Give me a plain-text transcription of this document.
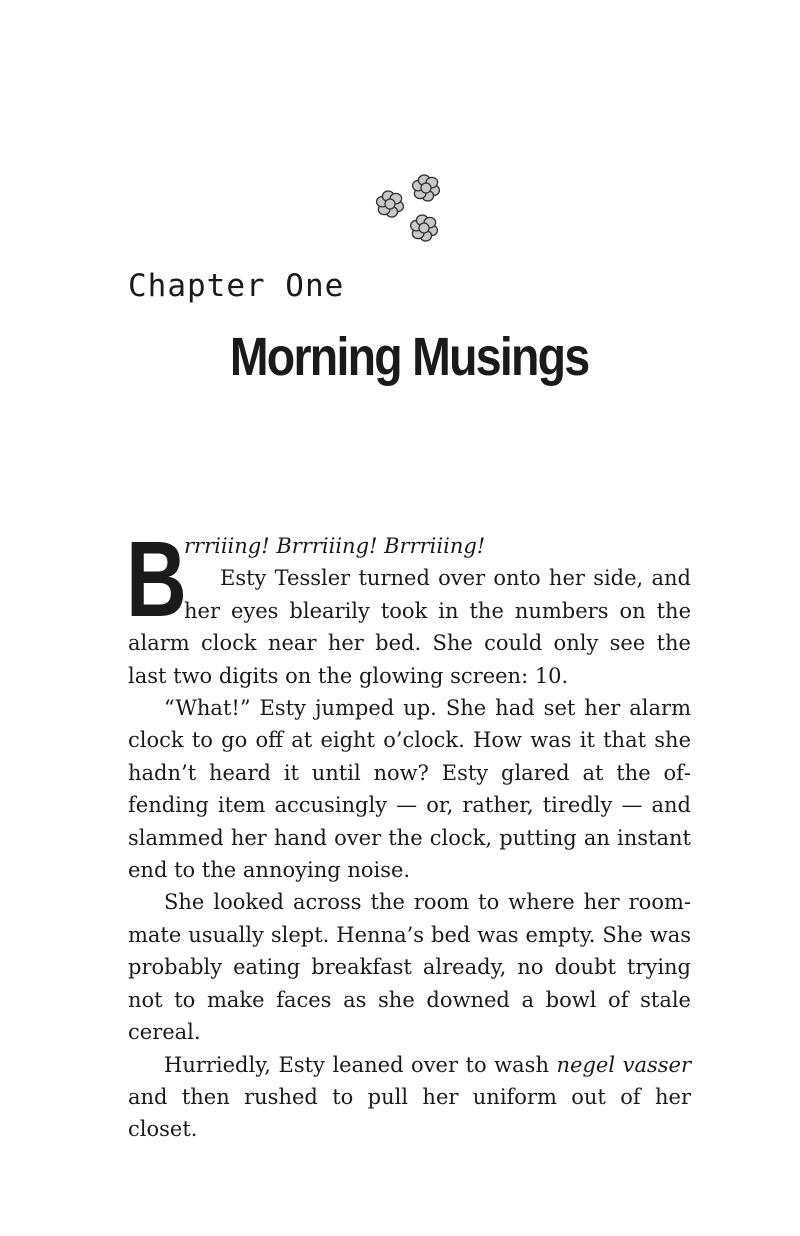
Chapter One
Morning Musings

B
rrriiing! Brrriiing! Brrriiing!
Esty Tessler turned over onto her side, and her eyes blearily took in the numbers on the alarm clock near her bed. She could only see the last two digits on the glowing screen: 10.

“What!” Esty jumped up. She had set her alarm clock to go off at eight o’clock. How was it that she hadn’t heard it until now? Esty glared at the offending item accusingly — or, rather, tiredly — and slammed her hand over the clock, putting an instant end to the annoying noise.

She looked across the room to where her roommate usually slept. Henna’s bed was empty. She was probably eating breakfast already, no doubt trying not to make faces as she downed a bowl of stale cereal.

Hurriedly, Esty leaned over to wash negel vasser and then rushed to pull her uniform out of her closet.
